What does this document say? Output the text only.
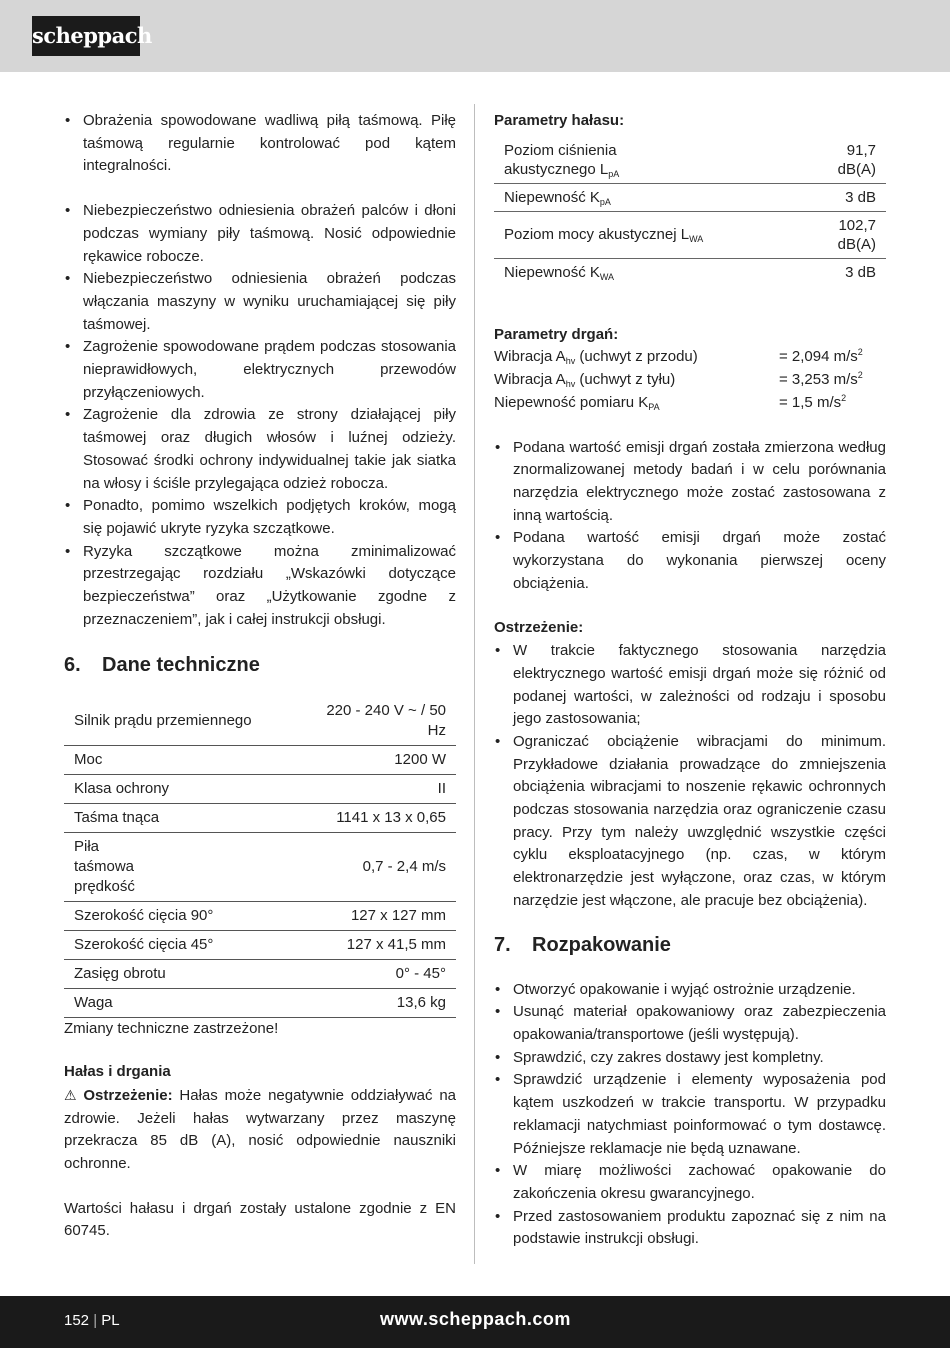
scheppach
• Obrażenia spowodowane wadliwą piłą taśmową. Piłę taśmową regularnie kontrolować pod kątem integralności.
• Niebezpieczeństwo odniesienia obrażeń palców i dłoni podczas wymiany piły taśmową. Nosić odpowiednie rękawice robocze.
• Niebezpieczeństwo odniesienia obrażeń podczas włączania maszyny w wyniku uruchamiającej się piły taśmowej.
• Zagrożenie spowodowane prądem podczas stosowania nieprawidłowych, elektrycznych przewodów przyłączeniowych.
• Zagrożenie dla zdrowia ze strony działającej piły taśmowej oraz długich włosów i luźnej odzieży. Stosować środki ochrony indywidualnej takie jak siatka na włosy i ściśle przylegająca odzież robocza.
• Ponadto, pomimo wszelkich podjętych kroków, mogą się pojawić ukryte ryzyka szczątkowe.
• Ryzyka szczątkowe można zminimalizować przestrzegając rozdziału „Wskazówki dotyczące bezpieczeństwa” oraz „Użytkowanie zgodne z przeznaczeniem”, jak i całej instrukcji obsługi.
6. Dane techniczne
Silnik prądu przemiennego	220 - 240 V ~ / 50 Hz
Moc	1200 W
Klasa ochrony	II
Taśma tnąca	1141 x 13 x 0,65
Piła taśmowa prędkość	0,7 - 2,4 m/s
Szerokość cięcia 90°	127 x 127 mm
Szerokość cięcia 45°	127 x 41,5 mm
Zasięg obrotu	0° - 45°
Waga	13,6 kg
Zmiany techniczne zastrzeżone!
Hałas i drgania
⚠ Ostrzeżenie: Hałas może negatywnie oddziaływać na zdrowie. Jeżeli hałas wytwarzany przez maszynę przekracza 85 dB (A), nosić odpowiednie nauszniki ochronne.
Wartości hałasu i drgań zostały ustalone zgodnie z EN 60745.
Parametry hałasu:
Poziom ciśnienia akustycznego $L_{pA}$	91,7 dB(A)
Niepewność $K_{pA}$	3 dB
Poziom mocy akustycznej $L_{WA}$	102,7 dB(A)
Niepewność $K_{WA}$	3 dB
Parametry drgań:
Wibracja $A_{hv}$ (uchwyt z przodu)	= 2,094 $m/s^2$
Wibracja $A_{hv}$ (uchwyt z tyłu)	= 3,253 $m/s^2$
Niepewność pomiaru $K_{PA}$	= 1,5 $m/s^2$
• Podana wartość emisji drgań została zmierzona według znormalizowanej metody badań i w celu porównania narzędzia elektrycznego może zostać zastosowana z inną wartością.
• Podana wartość emisji drgań może zostać wykorzystana do wykonania pierwszej oceny obciążenia.
Ostrzeżenie:
• W trakcie faktycznego stosowania narzędzia elektrycznego wartość emisji drgań może się różnić od podanej wartości, w zależności od rodzaju i sposobu jego zastosowania;
• Ograniczać obciążenie wibracjami do minimum. Przykładowe działania prowadzące do zmniejszenia obciążenia wibracjami to noszenie rękawic ochronnych podczas stosowania narzędzia oraz ograniczenie czasu pracy. Przy tym należy uwzględnić wszystkie części cyklu eksploatacyjnego (np. czas, w którym elektronarzędzie jest wyłączone, oraz czas, w którym narzędzie jest włączone, ale pracuje bez obciążenia).
7. Rozpakowanie
• Otworzyć opakowanie i wyjąć ostrożnie urządzenie.
• Usunąć materiał opakowaniowy oraz zabezpieczenia opakowania/transportowe (jeśli występują).
• Sprawdzić, czy zakres dostawy jest kompletny.
• Sprawdzić urządzenie i elementy wyposażenia pod kątem uszkodzeń w trakcie transportu. W przypadku reklamacji natychmiast poinformować o tym dostawcę. Późniejsze reklamacje nie będą uznawane.
• W miarę możliwości zachować opakowanie do zakończenia okresu gwarancyjnego.
• Przed zastosowaniem produktu zapoznać się z nim na podstawie instrukcji obsługi.
152 | PL	www.scheppach.com
